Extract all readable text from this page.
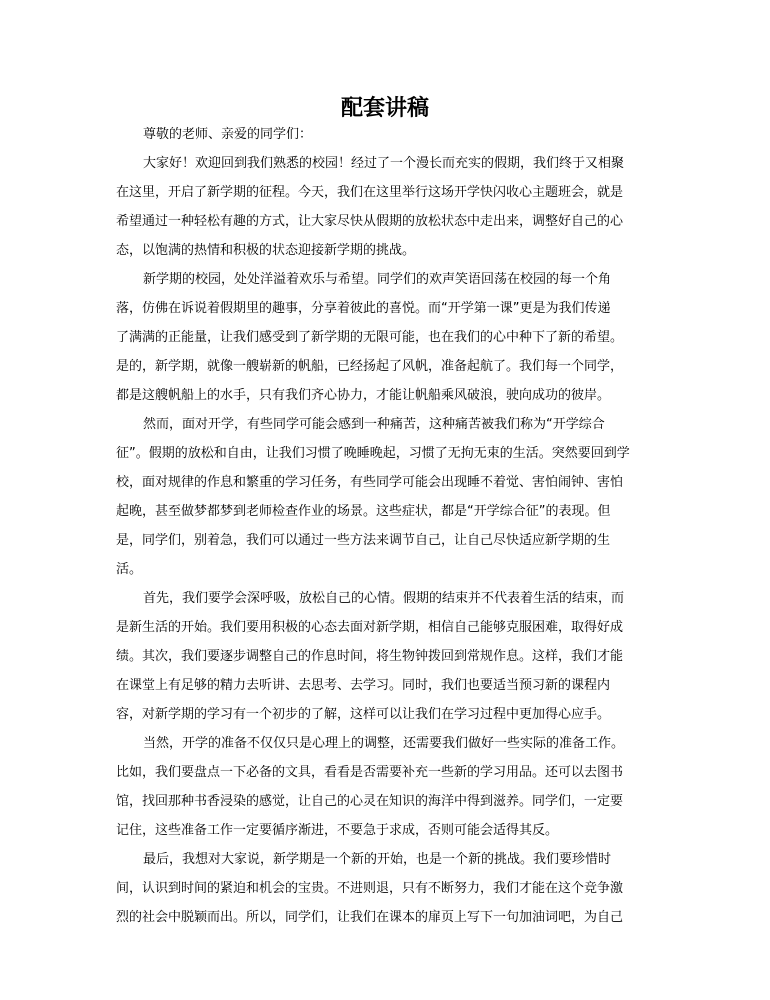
配套讲稿
尊敬的老师、亲爱的同学们：
大家好！欢迎回到我们熟悉的校园！经过了一个漫长而充实的假期，我们终于又相聚
在这里，开启了新学期的征程。今天，我们在这里举行这场开学快闪收心主题班会，就是
希望通过一种轻松有趣的方式，让大家尽快从假期的放松状态中走出来，调整好自己的心
态，以饱满的热情和积极的状态迎接新学期的挑战。
新学期的校园，处处洋溢着欢乐与希望。同学们的欢声笑语回荡在校园的每一个角
落，仿佛在诉说着假期里的趣事，分享着彼此的喜悦。而“开学第一课”更是为我们传递
了满满的正能量，让我们感受到了新学期的无限可能，也在我们的心中种下了新的希望。
是的，新学期，就像一艘崭新的帆船，已经扬起了风帆，准备起航了。我们每一个同学，
都是这艘帆船上的水手，只有我们齐心协力，才能让帆船乘风破浪，驶向成功的彼岸。
然而，面对开学，有些同学可能会感到一种痛苦，这种痛苦被我们称为“开学综合
征”。假期的放松和自由，让我们习惯了晚睡晚起，习惯了无拘无束的生活。突然要回到学
校，面对规律的作息和繁重的学习任务，有些同学可能会出现睡不着觉、害怕闹钟、害怕
起晚，甚至做梦都梦到老师检查作业的场景。这些症状，都是“开学综合征”的表现。但
是，同学们，别着急，我们可以通过一些方法来调节自己，让自己尽快适应新学期的生
活。
首先，我们要学会深呼吸，放松自己的心情。假期的结束并不代表着生活的结束，而
是新生活的开始。我们要用积极的心态去面对新学期，相信自己能够克服困难，取得好成
绩。其次，我们要逐步调整自己的作息时间，将生物钟拨回到常规作息。这样，我们才能
在课堂上有足够的精力去听讲、去思考、去学习。同时，我们也要适当预习新的课程内
容，对新学期的学习有一个初步的了解，这样可以让我们在学习过程中更加得心应手。
当然，开学的准备不仅仅只是心理上的调整，还需要我们做好一些实际的准备工作。
比如，我们要盘点一下必备的文具，看看是否需要补充一些新的学习用品。还可以去图书
馆，找回那种书香浸染的感觉，让自己的心灵在知识的海洋中得到滋养。同学们，一定要
记住，这些准备工作一定要循序渐进，不要急于求成，否则可能会适得其反。
最后，我想对大家说，新学期是一个新的开始，也是一个新的挑战。我们要珍惜时
间，认识到时间的紧迫和机会的宝贵。不进则退，只有不断努力，我们才能在这个竞争激
烈的社会中脱颖而出。所以，同学们，让我们在课本的扉页上写下一句加油词吧，为自己
